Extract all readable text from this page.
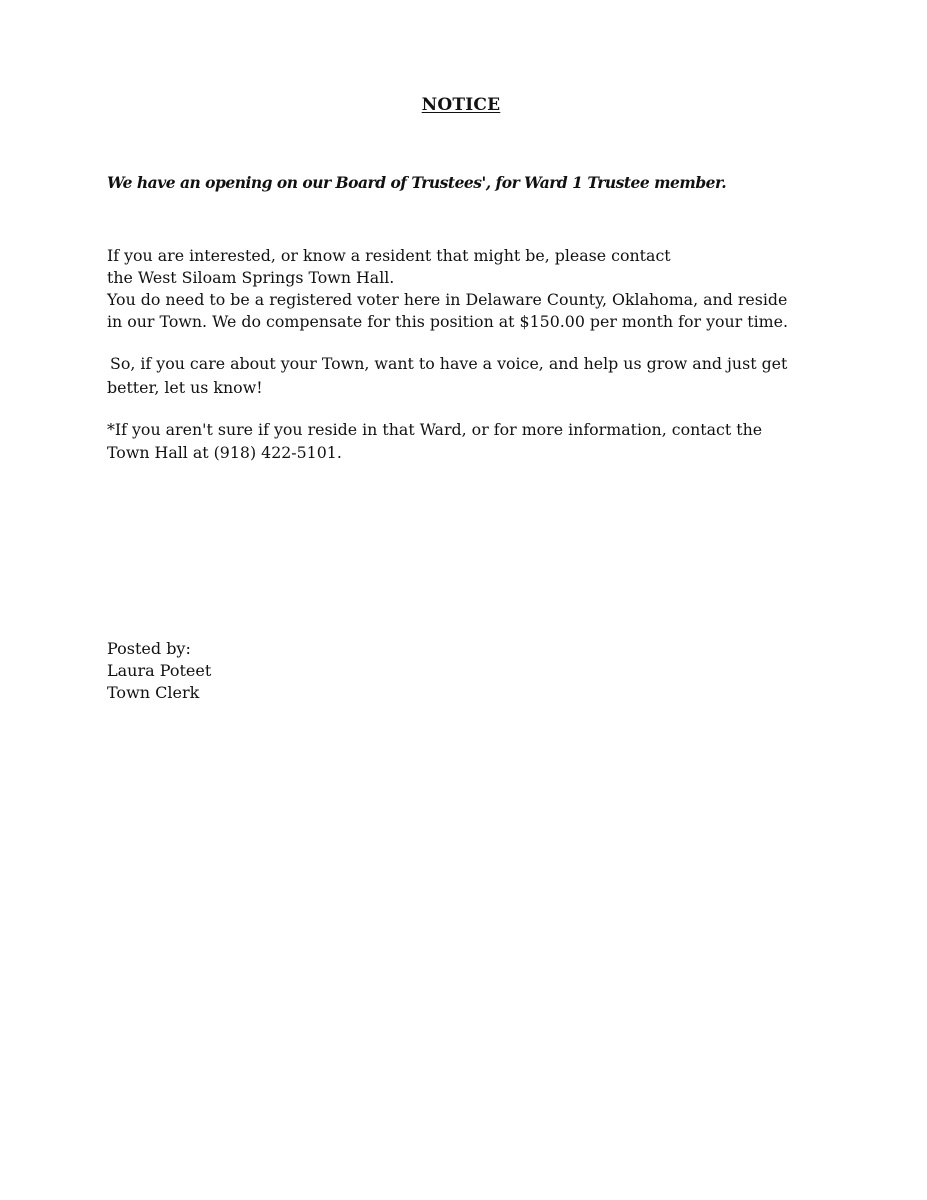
NOTICE
We have an opening on our Board of Trustees', for Ward 1 Trustee member.
If you are interested, or know a resident that might be, please contact
the West Siloam Springs Town Hall.
You do need to be a registered voter here in Delaware County, Oklahoma, and reside
in our Town. We do compensate for this position at $150.00 per month for your time.
So, if you care about your Town, want to have a voice, and help us grow and just get
better, let us know!
*If you aren't sure if you reside in that Ward, or for more information, contact the
Town Hall at (918) 422-5101.
Posted by:
Laura Poteet
Town Clerk
